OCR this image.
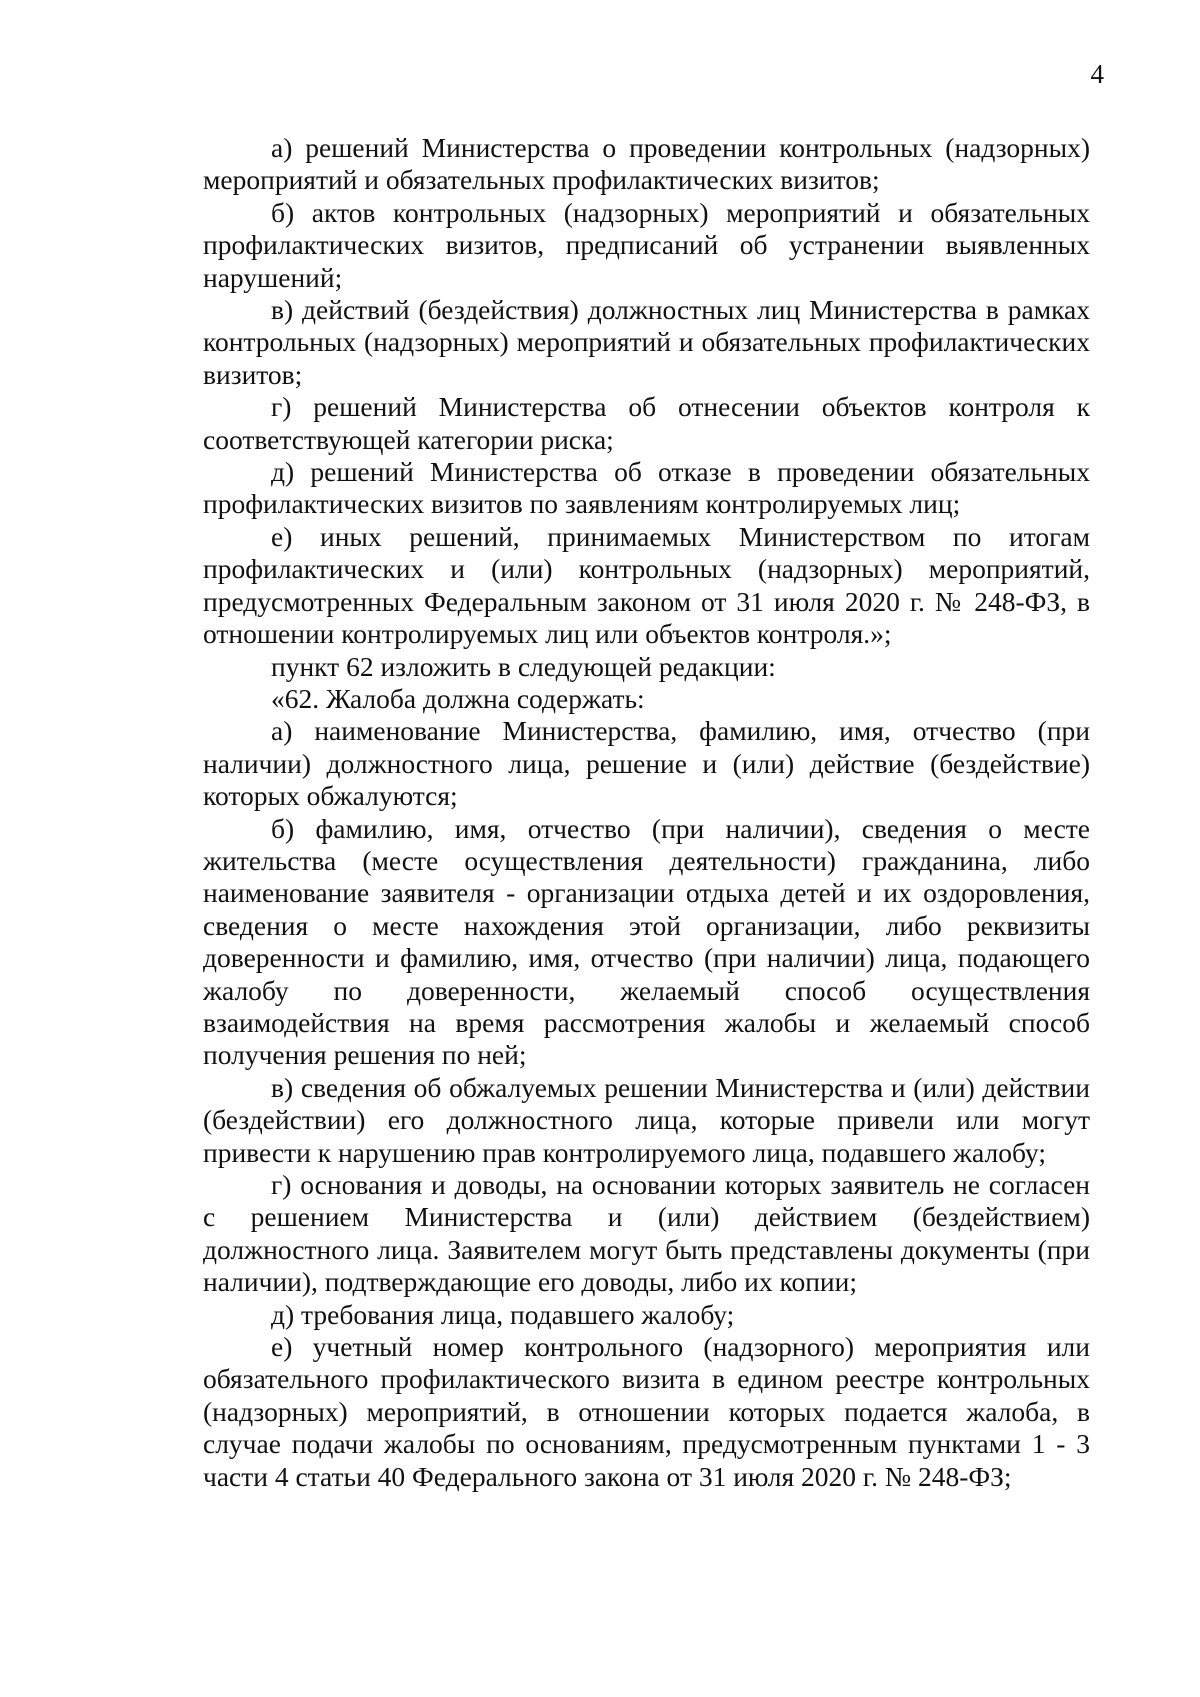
4

а) решений Министерства о проведении контрольных (надзорных) мероприятий и обязательных профилактических визитов;

б) актов контрольных (надзорных) мероприятий и обязательных профилактических визитов, предписаний об устранении выявленных нарушений;

в) действий (бездействия) должностных лиц Министерства в рамках контрольных (надзорных) мероприятий и обязательных профилактических визитов;

г) решений Министерства об отнесении объектов контроля к соответствующей категории риска;

д) решений Министерства об отказе в проведении обязательных профилактических визитов по заявлениям контролируемых лиц;

е) иных решений, принимаемых Министерством по итогам профилактических и (или) контрольных (надзорных) мероприятий, предусмотренных Федеральным законом от 31 июля 2020 г. № 248-ФЗ, в отношении контролируемых лиц или объектов контроля.»;

пункт 62 изложить в следующей редакции:

«62. Жалоба должна содержать:

а) наименование Министерства, фамилию, имя, отчество (при наличии) должностного лица, решение и (или) действие (бездействие) которых обжалуются;

б) фамилию, имя, отчество (при наличии), сведения о месте жительства (месте осуществления деятельности) гражданина, либо наименование заявителя - организации отдыха детей и их оздоровления, сведения о месте нахождения этой организации, либо реквизиты доверенности и фамилию, имя, отчество (при наличии) лица, подающего жалобу по доверенности, желаемый способ осуществления взаимодействия на время рассмотрения жалобы и желаемый способ получения решения по ней;

в) сведения об обжалуемых решении Министерства и (или) действии (бездействии) его должностного лица, которые привели или могут привести к нарушению прав контролируемого лица, подавшего жалобу;

г) основания и доводы, на основании которых заявитель не согласен с решением Министерства и (или) действием (бездействием) должностного лица. Заявителем могут быть представлены документы (при наличии), подтверждающие его доводы, либо их копии;

д) требования лица, подавшего жалобу;

е) учетный номер контрольного (надзорного) мероприятия или обязательного профилактического визита в едином реестре контрольных (надзорных) мероприятий, в отношении которых подается жалоба, в случае подачи жалобы по основаниям, предусмотренным пунктами 1 - 3 части 4 статьи 40 Федерального закона от 31 июля 2020 г. № 248-ФЗ;
